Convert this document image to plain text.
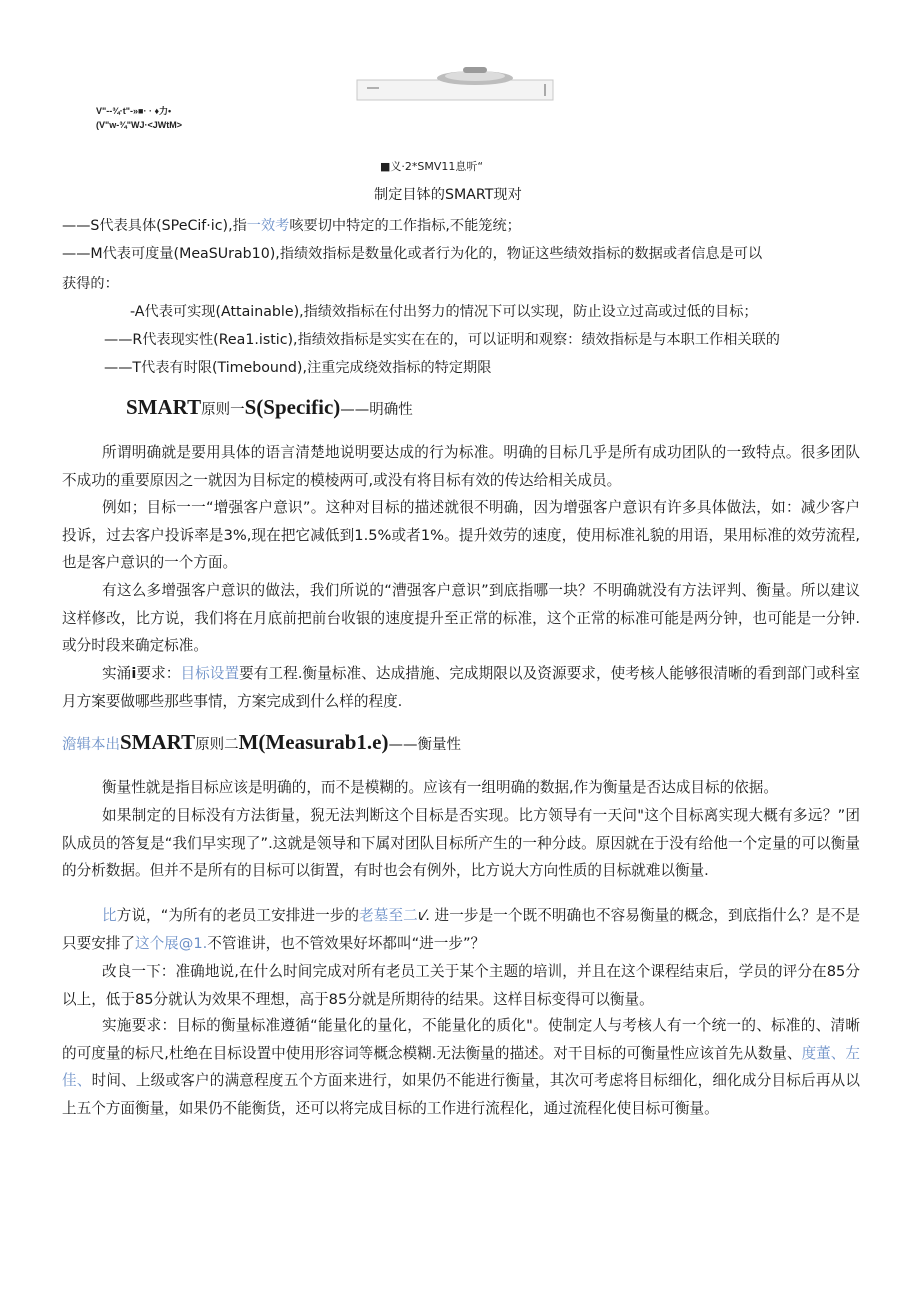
V"--¾·t"-»■· · ♦力•
(V"w-¾"WJ·<JWtM>
■义·2*SMV11息听“
制定目钵的SMART现对
——S代表具体(SPeCif·ic),指一效考咳要切中特定的工作指标,不能笼统；
——M代表可度量(MeaSUrab10),指绩效指标是数量化或者行为化的，物证这些绩效指标的数据或者信息是可以
获得的：
-A代表可实现(Attainable),指绩效指标在付出努力的情况下可以实现，防止设立过高或过低的目标；
——R代表现实性(Rea1.istic),指绩效指标是实实在在的，可以证明和观察：绩效指标是与本职工作相关联的
——T代表有时限(Timebound),注重完成绕效指标的特定期限
SMART原则一S(Specific)——明确性
所谓明确就是要用具体的语言清楚地说明要达成的行为标准。明确的目标几乎是所有成功团队的一致特点。很多团队不成功的重要原因之一就因为目标定的模棱两可,或没有将目标有效的传达给相关成员。
例如；目标一一“增强客户意识”。这种对目标的描述就很不明确，因为增强客户意识有许多具体做法，如：减少客户投诉，过去客户投诉率是3%,现在把它减低到1.5%或者1%。提升效劳的速度，使用标准礼貌的用语，果用标准的效劳流程,也是客户意识的一个方面。
有这么多增强客户意识的做法，我们所说的“漕强客户意识”到底指哪一块？不明确就没有方法评判、衡量。所以建议这样修改，比方说，我们将在月底前把前台收银的速度提升至正常的标准，这个正常的标准可能是两分钟，也可能是一分钟.或分时段来确定标准。
实涌i要求：目标设置要有工程.衡量标准、达成措施、完成期限以及资源要求，使考核人能够很清晰的看到部门或科室月方案要做哪些那些事情，方案完成到什么样的程度.
澹辑本出SMART原则二M(Measurab1.e)——衡量性
衡量性就是指目标应该是明确的，而不是模糊的。应该有一组明确的数据,作为衡量是否达成目标的依据。
如果制定的目标没有方法街量，猊无法判断这个目标是否实现。比方领导有一天问"这个目标离实现大概有多远？”团队成员的答复是“我们早实现了”.这就是领导和下属对团队目标所产生的一种分歧。原因就在于没有给他一个定量的可以衡量的分析数据。但并不是所有的目标可以街置，有时也会有例外，比方说大方向性质的目标就难以衡量.
比方说，“为所有的老员工安排进一步的老墓至二ι⁄. 进一步是一个既不明确也不容易衡量的概念，到底指什么？是不是只要安排了这个展@1.不管谁讲，也不管效果好坏都叫“进一步”？
改良一下：准确地说,在什么时间完成对所有老员工关于某个主题的培训，并且在这个课程结束后，学员的评分在85分以上，低于85分就认为效果不理想，高于85分就是所期待的结果。这样目标变得可以衡量。
实施要求：目标的衡量标准遵循“能量化的量化，不能量化的质化"。使制定人与考核人有一个统一的、标准的、清晰的可度量的标尺,杜绝在目标设置中使用形容词等概念模糊.无法衡量的描述。对干目标的可衡量性应该首先从数量、度董、左佳、时间、上级或客户的满意程度五个方面来进行，如果仍不能进行衡量，其次可考虑将目标细化，细化成分目标后再从以上五个方面衡量，如果仍不能衡货，还可以将完成目标的工作进行流程化，通过流程化使目标可衡量。
